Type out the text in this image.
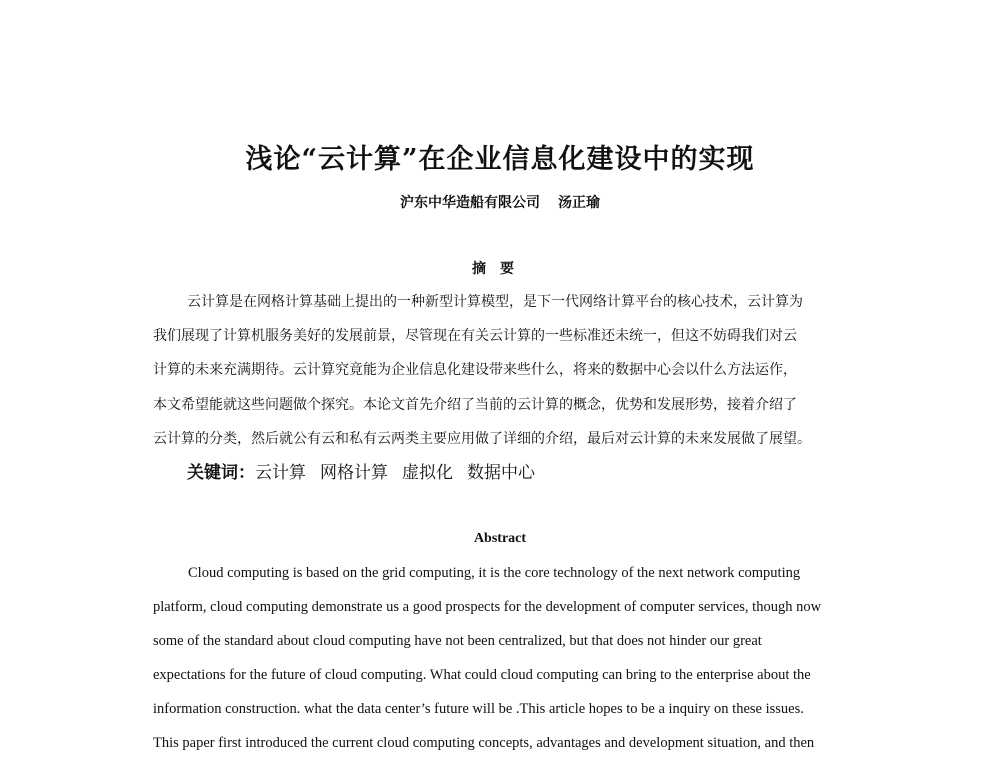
浅论“云计算”在企业信息化建设中的实现
沪东中华造船有限公司 汤正瑜
摘要
云计算是在网格计算基础上提出的一种新型计算模型，是下一代网络计算平台的核心技术，云计算为
我们展现了计算机服务美好的发展前景，尽管现在有关云计算的一些标准还未统一，但这不妨碍我们对云
计算的未来充满期待。云计算究竟能为企业信息化建设带来些什么，将来的数据中心会以什么方法运作，
本文希望能就这些问题做个探究。本论文首先介绍了当前的云计算的概念，优势和发展形势，接着介绍了
云计算的分类，然后就公有云和私有云两类主要应用做了详细的介绍，最后对云计算的未来发展做了展望。
关键词：云计算 网格计算 虚拟化 数据中心
Abstract
Cloud computing is based on the grid computing, it is the core technology of the next network computing
platform, cloud computing demonstrate us a good prospects for the development of computer services, though now
some of the standard about cloud computing have not been centralized, but that does not hinder our great
expectations for the future of cloud computing. What could cloud computing can bring to the enterprise about the
information construction. what the data center’s future will be .This article hopes to be a inquiry on these issues.
This paper first introduced the current cloud computing concepts, advantages and development situation, and then
